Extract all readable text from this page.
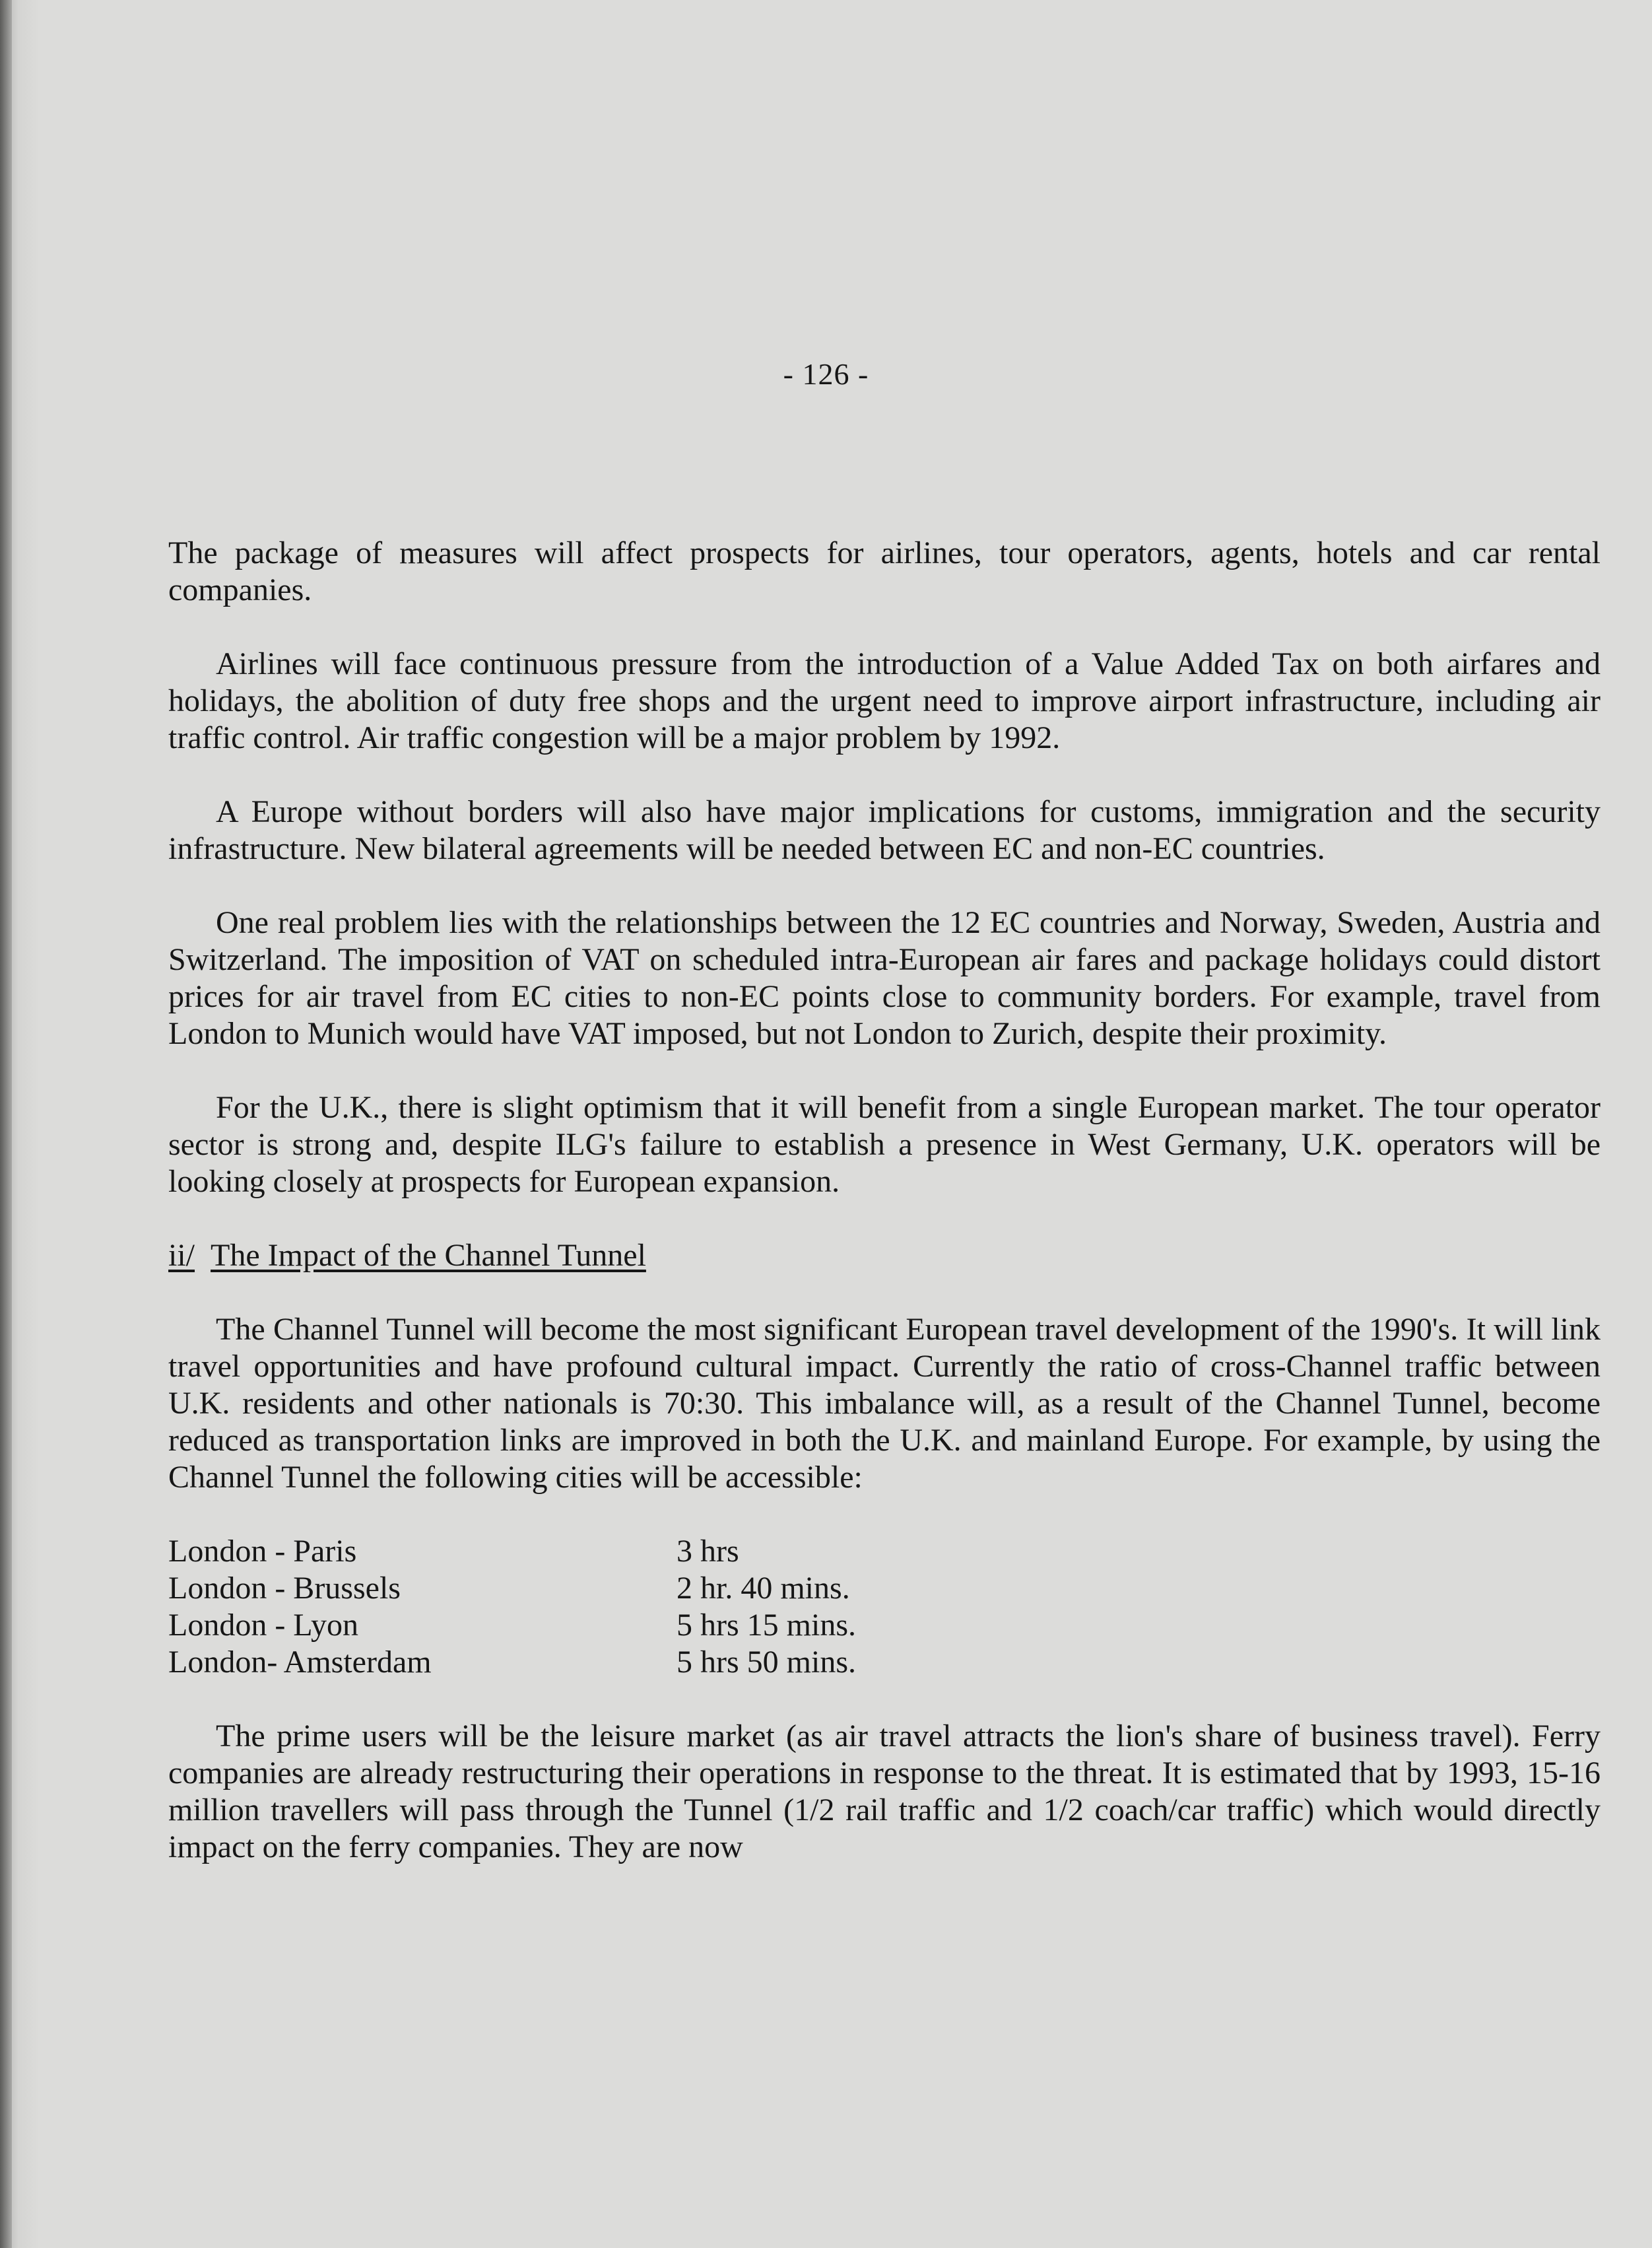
- 126 -

The package of measures will affect prospects for airlines, tour operators, agents, hotels and car rental companies.

Airlines will face continuous pressure from the introduction of a Value Added Tax on both airfares and holidays, the abolition of duty free shops and the urgent need to improve airport infrastructure, including air traffic control. Air traffic congestion will be a major problem by 1992.

A Europe without borders will also have major implications for customs, immigration and the security infrastructure. New bilateral agreements will be needed between EC and non-EC countries.

One real problem lies with the relationships between the 12 EC countries and Norway, Sweden, Austria and Switzerland. The imposition of VAT on scheduled intra-European air fares and package holidays could distort prices for air travel from EC cities to non-EC points close to community borders. For example, travel from London to Munich would have VAT imposed, but not London to Zurich, despite their proximity.

For the U.K., there is slight optimism that it will benefit from a single European market. The tour operator sector is strong and, despite ILG's failure to establish a presence in West Germany, U.K. operators will be looking closely at prospects for European expansion.

ii/ The Impact of the Channel Tunnel

The Channel Tunnel will become the most significant European travel development of the 1990's. It will link travel opportunities and have profound cultural impact. Currently the ratio of cross-Channel traffic between U.K. residents and other nationals is 70:30. This imbalance will, as a result of the Channel Tunnel, become reduced as transportation links are improved in both the U.K. and mainland Europe. For example, by using the Channel Tunnel the following cities will be accessible:

London - Paris	3 hrs
London - Brussels	2 hr. 40 mins.
London - Lyon	5 hrs 15 mins.
London- Amsterdam	5 hrs 50 mins.

The prime users will be the leisure market (as air travel attracts the lion's share of business travel). Ferry companies are already restructuring their operations in response to the threat. It is estimated that by 1993, 15-16 million travellers will pass through the Tunnel (1/2 rail traffic and 1/2 coach/car traffic) which would directly impact on the ferry companies. They are now
